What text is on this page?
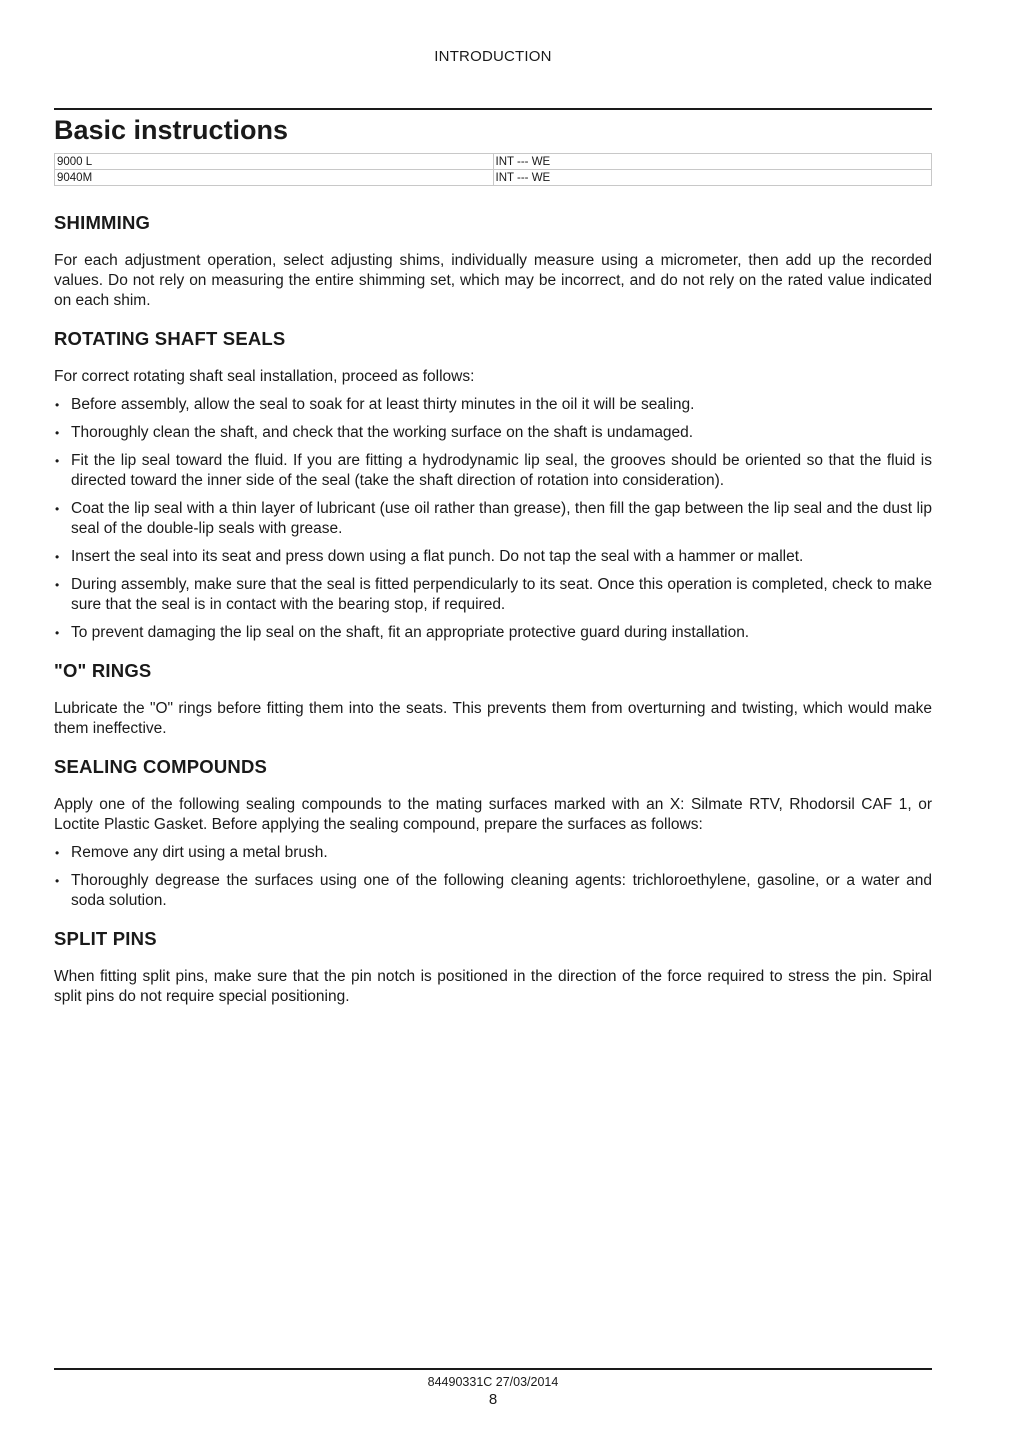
INTRODUCTION
Basic instructions
9000 L	INT --- WE
9040M	INT --- WE
SHIMMING

For each adjustment operation, select adjusting shims, individually measure using a micrometer, then add up the recorded values. Do not rely on measuring the entire shimming set, which may be incorrect, and do not rely on the rated value indicated on each shim.

ROTATING SHAFT SEALS

For correct rotating shaft seal installation, proceed as follows:

• Before assembly, allow the seal to soak for at least thirty minutes in the oil it will be sealing.
• Thoroughly clean the shaft, and check that the working surface on the shaft is undamaged.
• Fit the lip seal toward the fluid. If you are fitting a hydrodynamic lip seal, the grooves should be oriented so that the fluid is directed toward the inner side of the seal (take the shaft direction of rotation into consideration).
• Coat the lip seal with a thin layer of lubricant (use oil rather than grease), then fill the gap between the lip seal and the dust lip seal of the double-lip seals with grease.
• Insert the seal into its seat and press down using a flat punch. Do not tap the seal with a hammer or mallet.
• During assembly, make sure that the seal is fitted perpendicularly to its seat. Once this operation is completed, check to make sure that the seal is in contact with the bearing stop, if required.
• To prevent damaging the lip seal on the shaft, fit an appropriate protective guard during installation.
"O" RINGS

Lubricate the "O" rings before fitting them into the seats. This prevents them from overturning and twisting, which would make them ineffective.

SEALING COMPOUNDS

Apply one of the following sealing compounds to the mating surfaces marked with an X: Silmate RTV, Rhodorsil CAF 1, or Loctite Plastic Gasket. Before applying the sealing compound, prepare the surfaces as follows:

• Remove any dirt using a metal brush.
• Thoroughly degrease the surfaces using one of the following cleaning agents: trichloroethylene, gasoline, or a water and soda solution.
SPLIT PINS

When fitting split pins, make sure that the pin notch is positioned in the direction of the force required to stress the pin. Spiral split pins do not require special positioning.

84490331C 27/03/2014
8
